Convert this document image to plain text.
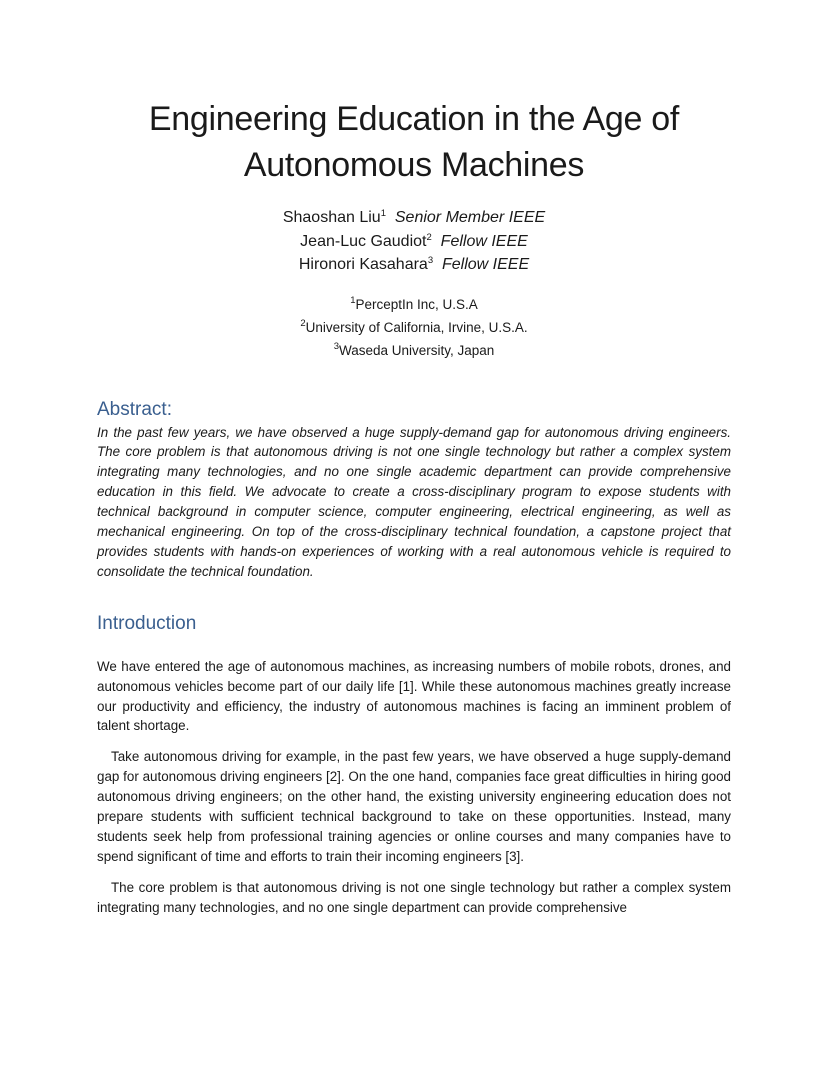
Engineering Education in the Age of
Autonomous Machines
Shaoshan Liu$^1$ Senior Member IEEE
Jean-Luc Gaudiot$^2$ Fellow IEEE
Hironori Kasahara$^3$ Fellow IEEE
$^1$PerceptIn Inc, U.S.A
$^2$University of California, Irvine, U.S.A.
$^3$Waseda University, Japan
Abstract:

In the past few years, we have observed a huge supply-demand gap for autonomous driving engineers. The core problem is that autonomous driving is not one single technology but rather a complex system integrating many technologies, and no one single academic department can provide comprehensive education in this field. We advocate to create a cross-disciplinary program to expose students with technical background in computer science, computer engineering, electrical engineering, as well as mechanical engineering. On top of the cross-disciplinary technical foundation, a capstone project that provides students with hands-on experiences of working with a real autonomous vehicle is required to consolidate the technical foundation.

Introduction

We have entered the age of autonomous machines, as increasing numbers of mobile robots, drones, and autonomous vehicles become part of our daily life [1]. While these autonomous machines greatly increase our productivity and efficiency, the industry of autonomous machines is facing an imminent problem of talent shortage.

Take autonomous driving for example, in the past few years, we have observed a huge supply-demand gap for autonomous driving engineers [2]. On the one hand, companies face great difficulties in hiring good autonomous driving engineers; on the other hand, the existing university engineering education does not prepare students with sufficient technical background to take on these opportunities. Instead, many students seek help from professional training agencies or online courses and many companies have to spend significant of time and efforts to train their incoming engineers [3].

The core problem is that autonomous driving is not one single technology but rather a complex system integrating many technologies, and no one single department can provide comprehensive
